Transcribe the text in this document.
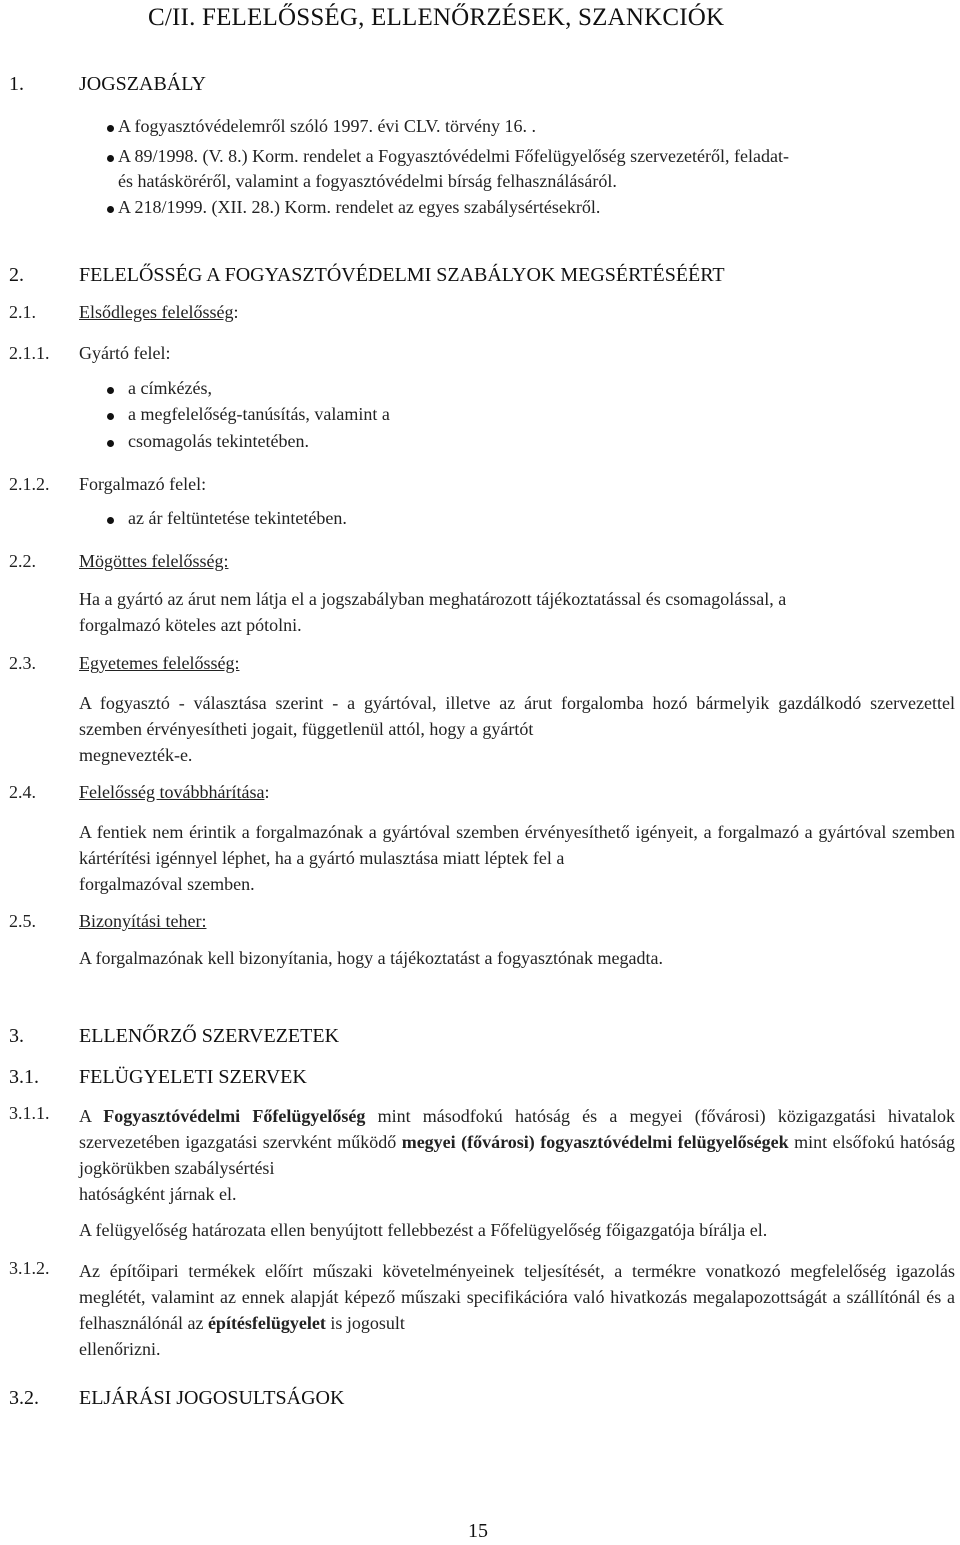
C/II. FELELŐSSÉG, ELLENŐRZÉSEK, SZANKCIÓK
1.	JOGSZABÁLY
A fogyasztóvédelemről szóló 1997. évi CLV. törvény 16. .
A 89/1998. (V. 8.) Korm. rendelet a Fogyasztóvédelmi Főfelügyelőség szervezetéről, feladat-
és hatásköréről, valamint a fogyasztóvédelmi bírság felhasználásáról.
A 218/1999. (XII. 28.) Korm. rendelet az egyes szabálysértésekről.
2.	FELELŐSSÉG A FOGYASZTÓVÉDELMI SZABÁLYOK MEGSÉRTÉSÉÉRT
2.1. Elsődleges felelősség:
2.1.1. Gyártó felel:
a címkézés,
a megfelelőség-tanúsítás, valamint a
csomagolás tekintetében.
2.1.2. Forgalmazó felel:
az ár feltüntetése tekintetében.
2.2. Mögöttes felelősség:
Ha a gyártó az árut nem látja el a jogszabályban meghatározott tájékoztatással és csomagolással, a
forgalmazó köteles azt pótolni.
2.3. Egyetemes felelősség:
A fogyasztó - választása szerint - a gyártóval, illetve az árut forgalomba hozó bármelyik gazdálkodó szervezettel szemben érvényesítheti jogait, függetlenül attól, hogy a gyártót
megnevezték-e.
2.4. Felelősség továbbhárítása:
A fentiek nem érintik a forgalmazónak a gyártóval szemben érvényesíthető igényeit, a forgalmazó a gyártóval szemben kártérítési igénnyel léphet, ha a gyártó mulasztása miatt léptek fel a
forgalmazóval szemben.
2.5. Bizonyítási teher:
A forgalmazónak kell bizonyítania, hogy a tájékoztatást a fogyasztónak megadta.
3.	ELLENŐRZŐ SZERVEZETEK
3.1. FELÜGYELETI SZERVEK
3.1.1. A Fogyasztóvédelmi Főfelügyelőség mint másodfokú hatóság és a megyei (fővárosi) közigazgatási hivatalok szervezetében igazgatási szervként működő megyei (fővárosi) fogyasztóvédelmi felügyelőségek mint elsőfokú hatóság jogkörükben szabálysértési
hatóságként járnak el.
A felügyelőség határozata ellen benyújtott fellebbezést a Főfelügyelőség főigazgatója bírálja el.
3.1.2. Az építőipari termékek előírt műszaki követelményeinek teljesítését, a termékre vonatkozó megfelelőség igazolás meglétét, valamint az ennek alapját képező műszaki specifikációra való hivatkozás megalapozottságát a szállítónál és a felhasználónál az építésfelügyelet is jogosult
ellenőrizni.
3.2. ELJÁRÁSI JOGOSULTSÁGOK
15
